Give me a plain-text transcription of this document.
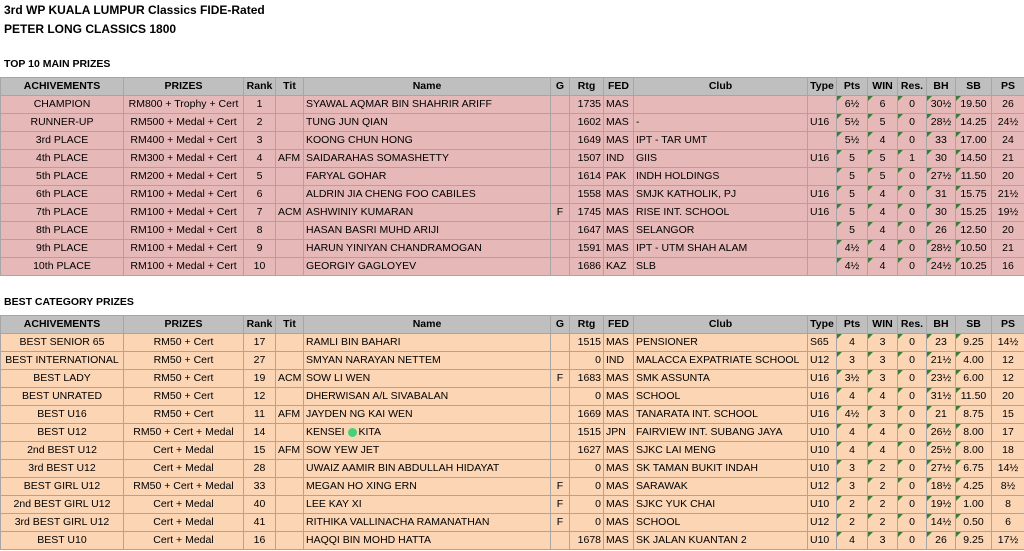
3rd WP KUALA LUMPUR Classics FIDE-Rated
PETER LONG CLASSICS 1800
TOP 10 MAIN PRIZES
ACHIVEMENTS	PRIZES	Rank	Tit	Name	G	Rtg	FED	Club	Type	Pts	WIN	Res.	BH	SB	PS
CHAMPION	RM800 + Trophy + Cert	1		SYAWAL AQMAR BIN SHAHRIR ARIFF		1735	MAS			6½	6	0	30½	19.50	26
RUNNER-UP	RM500 + Medal + Cert	2		TUNG JUN QIAN		1602	MAS	-	U16	5½	5	0	28½	14.25	24½
3rd PLACE	RM400 + Medal + Cert	3		KOONG CHUN HONG		1649	MAS	IPT - TAR UMT		5½	4	0	33	17.00	24
4th PLACE	RM300 + Medal + Cert	4	AFM	SAIDARAHAS SOMASHETTY		1507	IND	GIIS	U16	5	5	1	30	14.50	21
5th PLACE	RM200 + Medal + Cert	5		FARYAL GOHAR		1614	PAK	INDH HOLDINGS		5	5	0	27½	11.50	20
6th PLACE	RM100 + Medal + Cert	6		ALDRIN JIA CHENG FOO CABILES		1558	MAS	SMJK KATHOLIK, PJ	U16	5	4	0	31	15.75	21½
7th PLACE	RM100 + Medal + Cert	7	ACM	ASHWINIY KUMARAN	F	1745	MAS	RISE INT. SCHOOL	U16	5	4	0	30	15.25	19½
8th PLACE	RM100 + Medal + Cert	8		HASAN BASRI MUHD ARIJI		1647	MAS	SELANGOR		5	4	0	26	12.50	20
9th PLACE	RM100 + Medal + Cert	9		HARUN YINIYAN CHANDRAMOGAN		1591	MAS	IPT - UTM SHAH ALAM		4½	4	0	28½	10.50	21
10th PLACE	RM100 + Medal + Cert	10		GEORGIY GAGLOYEV		1686	KAZ	SLB		4½	4	0	24½	10.25	16
BEST CATEGORY PRIZES
ACHIVEMENTS	PRIZES	Rank	Tit	Name	G	Rtg	FED	Club	Type	Pts	WIN	Res.	BH	SB	PS
BEST SENIOR 65	RM50 + Cert	17		RAMLI BIN BAHARI		1515	MAS	PENSIONER	S65	4	3	0	23	9.25	14½
BEST INTERNATIONAL	RM50 + Cert	27		SMYAN NARAYAN NETTEM		0	IND	MALACCA EXPATRIATE SCHOOL	U12	3	3	0	21½	4.00	12
BEST LADY	RM50 + Cert	19	ACM	SOW LI WEN	F	1683	MAS	SMK ASSUNTA	U16	3½	3	0	23½	6.00	12
BEST UNRATED	RM50 + Cert	12		DHERWISAN A/L SIVABALAN		0	MAS	SCHOOL	U16	4	4	0	31½	11.50	20
BEST U16	RM50 + Cert	11	AFM	JAYDEN NG KAI WEN		1669	MAS	TANARATA INT. SCHOOL	U16	4½	3	0	21	8.75	15
BEST U12	RM50 + Cert + Medal	14		KENSEI KITA		1515	JPN	FAIRVIEW INT. SUBANG JAYA	U10	4	4	0	26½	8.00	17
2nd BEST U12	Cert + Medal	15	AFM	SOW YEW JET		1627	MAS	SJKC LAI MENG	U10	4	4	0	25½	8.00	18
3rd BEST U12	Cert + Medal	28		UWAIZ AAMIR BIN ABDULLAH HIDAYAT		0	MAS	SK TAMAN BUKIT INDAH	U10	3	2	0	27½	6.75	14½
BEST GIRL U12	RM50 + Cert + Medal	33		MEGAN HO XING ERN	F	0	MAS	SARAWAK	U12	3	2	0	18½	4.25	8½
2nd BEST GIRL U12	Cert + Medal	40		LEE KAY XI	F	0	MAS	SJKC YUK CHAI	U10	2	2	0	19½	1.00	8
3rd BEST GIRL U12	Cert + Medal	41		RITHIKA VALLINACHA RAMANATHAN	F	0	MAS	SCHOOL	U12	2	2	0	14½	0.50	6
BEST U10	Cert + Medal	16		HAQQI BIN MOHD HATTA		1678	MAS	SK JALAN KUANTAN 2	U10	4	3	0	26	9.25	17½
